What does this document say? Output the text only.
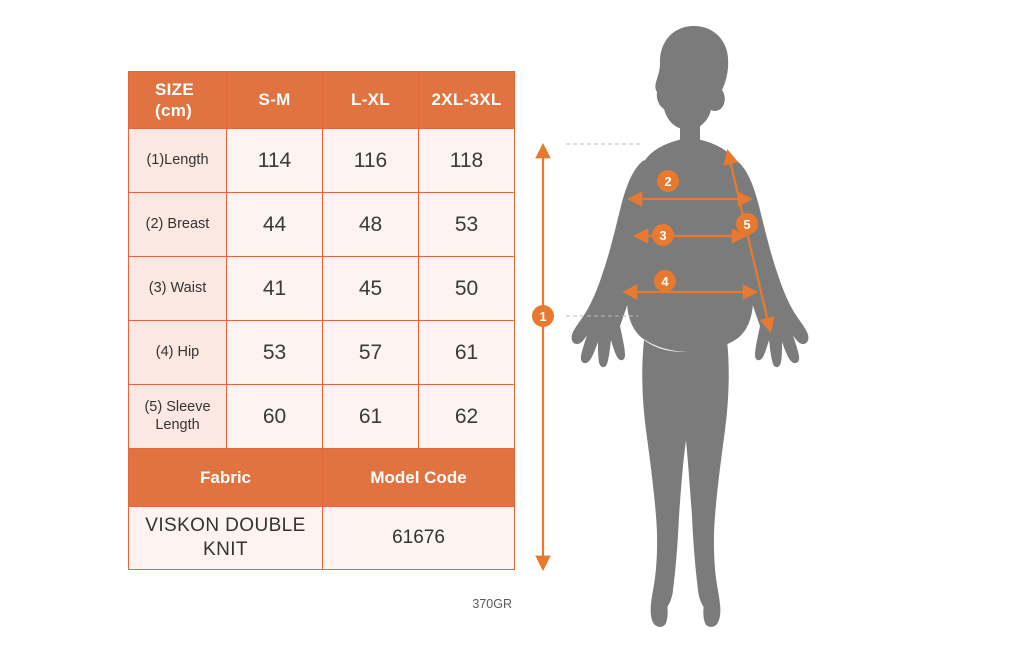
SIZE
(cm)	S-M	L-XL	2XL-3XL
(1)Length	114	116	118
(2) Breast	44	48	53
(3) Waist	41	45	50
(4) Hip	53	57	61
(5) Sleeve
Length	60	61	62
Fabric		Model Code	
VISKON DOUBLE
KNIT		61676	
370GR
1
2
3
4
5
